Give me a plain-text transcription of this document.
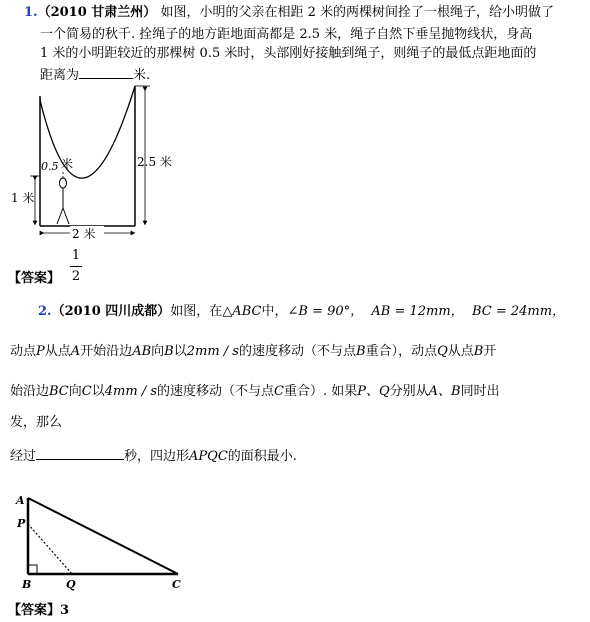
1.（2010 甘肃兰州） 如图，小明的父亲在相距 2 米的两棵树间拴了一根绳子，给小明做了
一个简易的秋千. 拴绳子的地方距地面高都是 2.5 米，绳子自然下垂呈抛物线状，身高
1 米的小明距较近的那棵树 0.5 米时，头部刚好接触到绳子，则绳子的最低点距地面的
距离为	米.
0.5 米
1 米
2.5 米
2 米
【答案】
1
2
2.（2010 四川成都）如图，在△ABC中，∠B = 90°， AB = 12mm， BC = 24mm，
动点P从点A开始沿边AB向B以2mm / s的速度移动（不与点B重合），动点Q从点B开
始沿边BC向C以4mm / s的速度移动（不与点C重合）. 如果P、Q分别从A、B同时出
发，那么
经过	秒，四边形APQC的面积最小.
A
P
B	Q	C
【答案】3
